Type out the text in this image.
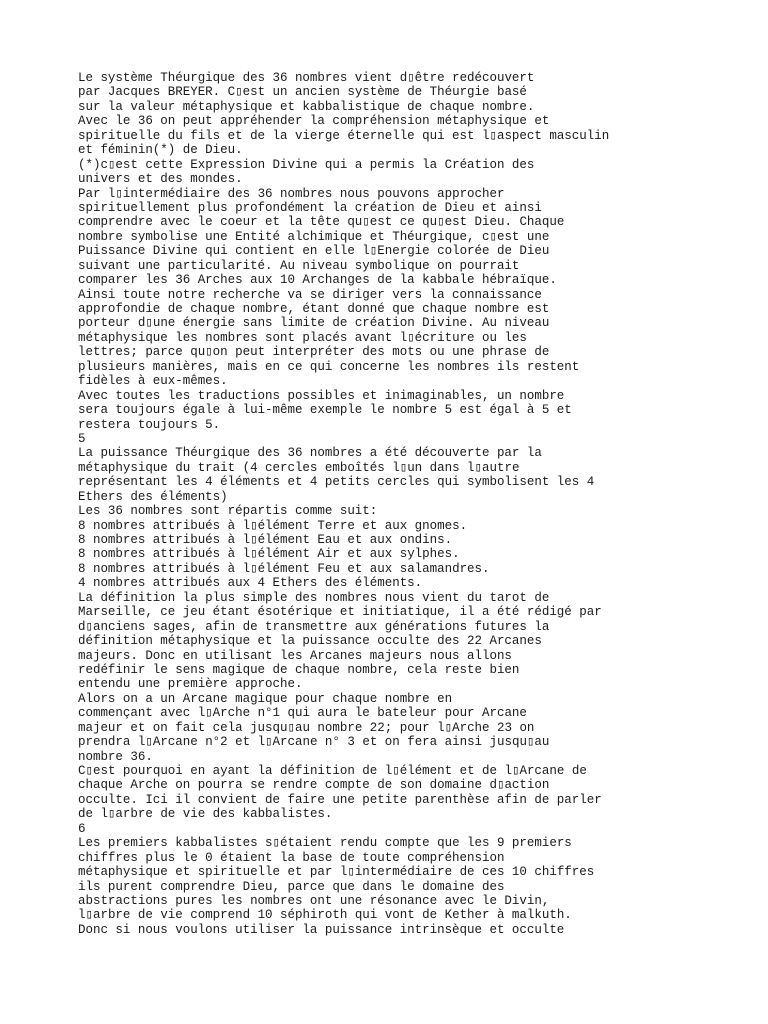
Le système Théurgique des 36 nombres vient d▯être redécouvert
par Jacques BREYER. C▯est un ancien système de Théurgie basé
sur la valeur métaphysique et kabbalistique de chaque nombre.
Avec le 36 on peut appréhender la compréhension métaphysique et
spirituelle du fils et de la vierge éternelle qui est l▯aspect masculin
et féminin(*) de Dieu.
(*)c▯est cette Expression Divine qui a permis la Création des
univers et des mondes.
Par l▯intermédiaire des 36 nombres nous pouvons approcher
spirituellement plus profondément la création de Dieu et ainsi
comprendre avec le coeur et la tête qu▯est ce qu▯est Dieu. Chaque
nombre symbolise une Entité alchimique et Théurgique, c▯est une
Puissance Divine qui contient en elle l▯Energie colorée de Dieu
suivant une particularité. Au niveau symbolique on pourrait
comparer les 36 Arches aux 10 Archanges de la kabbale hébraïque.
Ainsi toute notre recherche va se diriger vers la connaissance
approfondie de chaque nombre, étant donné que chaque nombre est
porteur d▯une énergie sans limite de création Divine. Au niveau
métaphysique les nombres sont placés avant l▯écriture ou les
lettres; parce qu▯on peut interpréter des mots ou une phrase de
plusieurs manières, mais en ce qui concerne les nombres ils restent
fidèles à eux-mêmes.
Avec toutes les traductions possibles et inimaginables, un nombre
sera toujours égale à lui-même exemple le nombre 5 est égal à 5 et
restera toujours 5.
5
La puissance Théurgique des 36 nombres a été découverte par la
métaphysique du trait (4 cercles emboîtés l▯un dans l▯autre
représentant les 4 éléments et 4 petits cercles qui symbolisent les 4
Ethers des éléments)
Les 36 nombres sont répartis comme suit:
8 nombres attribués à l▯élément Terre et aux gnomes.
8 nombres attribués à l▯élément Eau et aux ondins.
8 nombres attribués à l▯élément Air et aux sylphes.
8 nombres attribués à l▯élément Feu et aux salamandres.
4 nombres attribués aux 4 Ethers des éléments.
La définition la plus simple des nombres nous vient du tarot de
Marseille, ce jeu étant ésotérique et initiatique, il a été rédigé par
d▯anciens sages, afin de transmettre aux générations futures la
définition métaphysique et la puissance occulte des 22 Arcanes
majeurs. Donc en utilisant les Arcanes majeurs nous allons
redéfinir le sens magique de chaque nombre, cela reste bien
entendu une première approche.
Alors on a un Arcane magique pour chaque nombre en
commençant avec l▯Arche n°1 qui aura le bateleur pour Arcane
majeur et on fait cela jusqu▯au nombre 22; pour l▯Arche 23 on
prendra l▯Arcane n°2 et l▯Arcane n° 3 et on fera ainsi jusqu▯au
nombre 36.
C▯est pourquoi en ayant la définition de l▯élément et de l▯Arcane de
chaque Arche on pourra se rendre compte de son domaine d▯action
occulte. Ici il convient de faire une petite parenthèse afin de parler
de l▯arbre de vie des kabbalistes.
6
Les premiers kabbalistes s▯étaient rendu compte que les 9 premiers
chiffres plus le 0 étaient la base de toute compréhension
métaphysique et spirituelle et par l▯intermédiaire de ces 10 chiffres
ils purent comprendre Dieu, parce que dans le domaine des
abstractions pures les nombres ont une résonance avec le Divin,
l▯arbre de vie comprend 10 séphiroth qui vont de Kether à malkuth.
Donc si nous voulons utiliser la puissance intrinsèque et occulte
